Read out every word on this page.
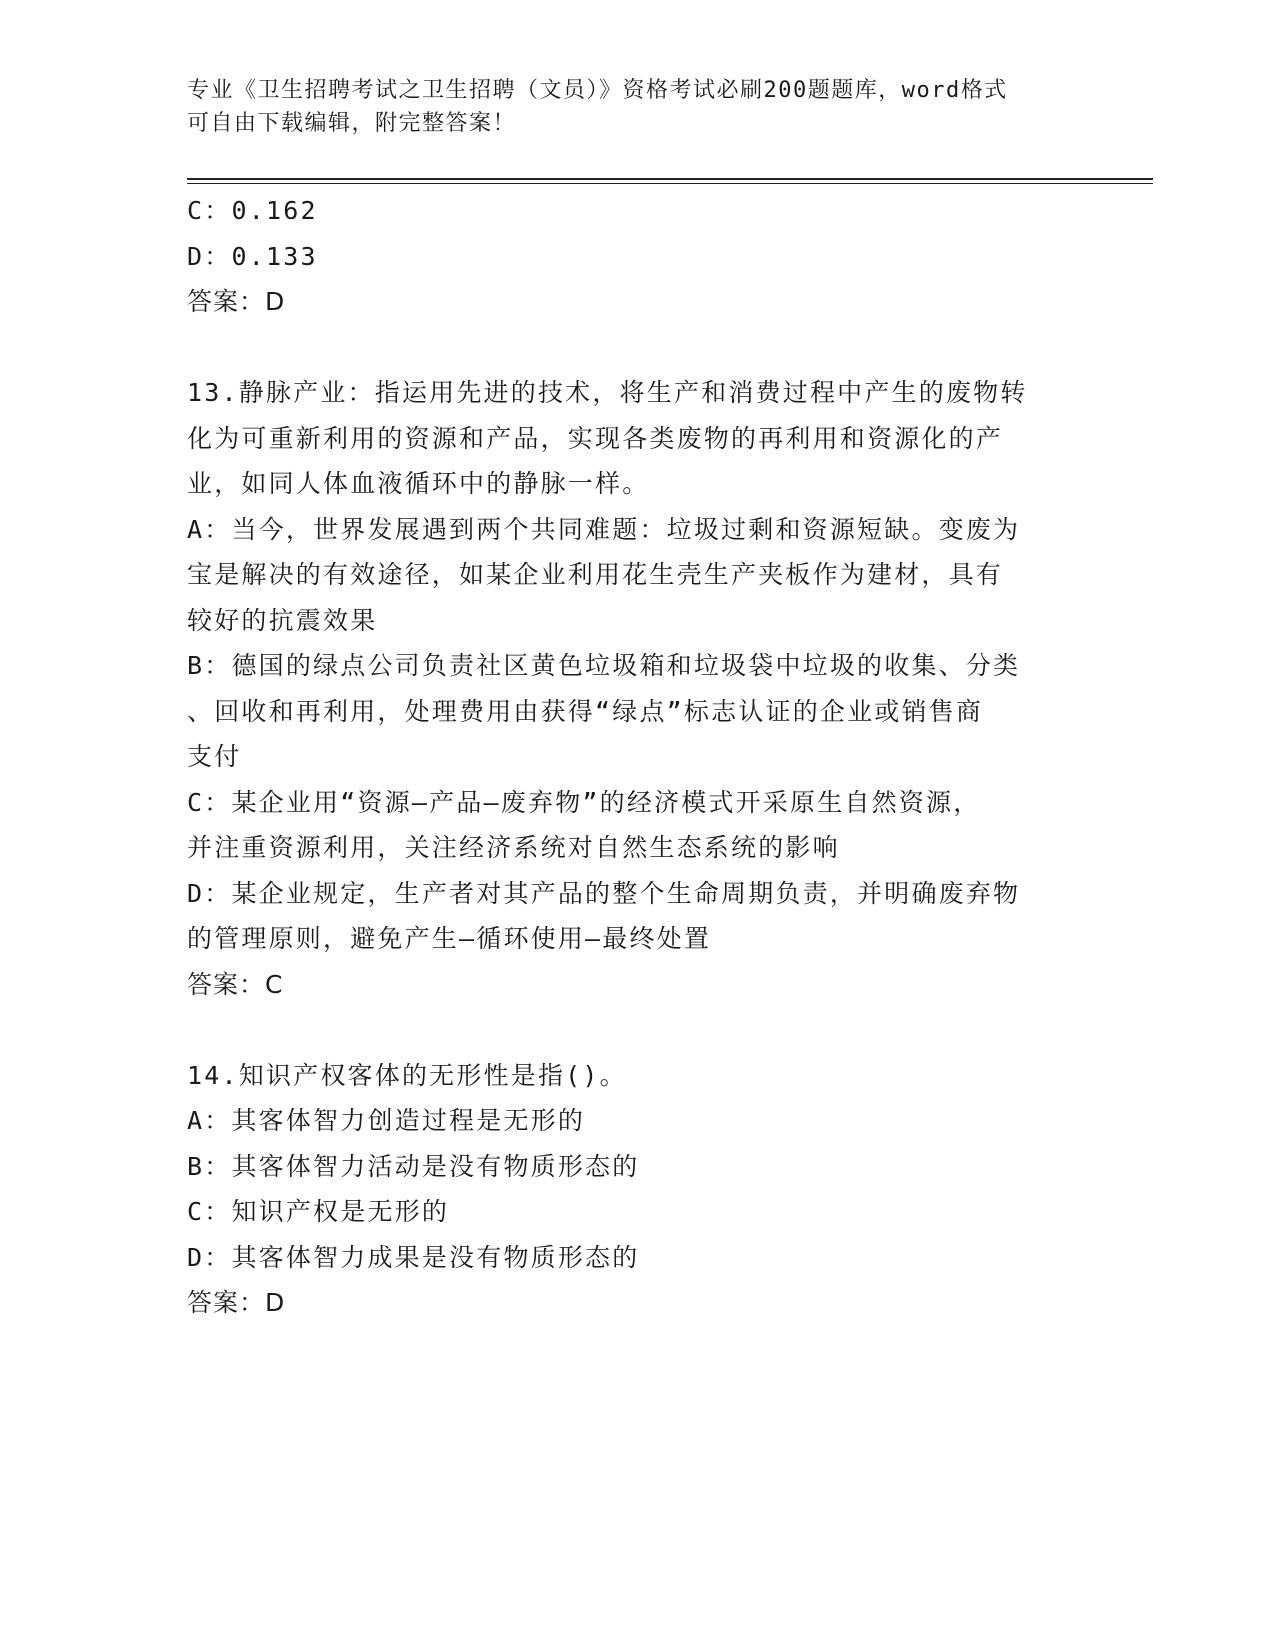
专业《卫生招聘考试之卫生招聘（文员）》资格考试必刷200题题库，word格式
可自由下载编辑，附完整答案！
C：0.162
D：0.133
答案：D
13.静脉产业：指运用先进的技术，将生产和消费过程中产生的废物转
化为可重新利用的资源和产品，实现各类废物的再利用和资源化的产
业，如同人体血液循环中的静脉一样。
A：当今，世界发展遇到两个共同难题：垃圾过剩和资源短缺。变废为
宝是解决的有效途径，如某企业利用花生壳生产夹板作为建材，具有
较好的抗震效果
B：德国的绿点公司负责社区黄色垃圾箱和垃圾袋中垃圾的收集、分类
、回收和再利用，处理费用由获得“绿点”标志认证的企业或销售商
支付
C：某企业用“资源—产品—废弃物”的经济模式开采原生自然资源，
并注重资源利用，关注经济系统对自然生态系统的影响
D：某企业规定，生产者对其产品的整个生命周期负责，并明确废弃物
的管理原则，避免产生—循环使用—最终处置
答案：C
14.知识产权客体的无形性是指()。
A：其客体智力创造过程是无形的
B：其客体智力活动是没有物质形态的
C：知识产权是无形的
D：其客体智力成果是没有物质形态的
答案：D
